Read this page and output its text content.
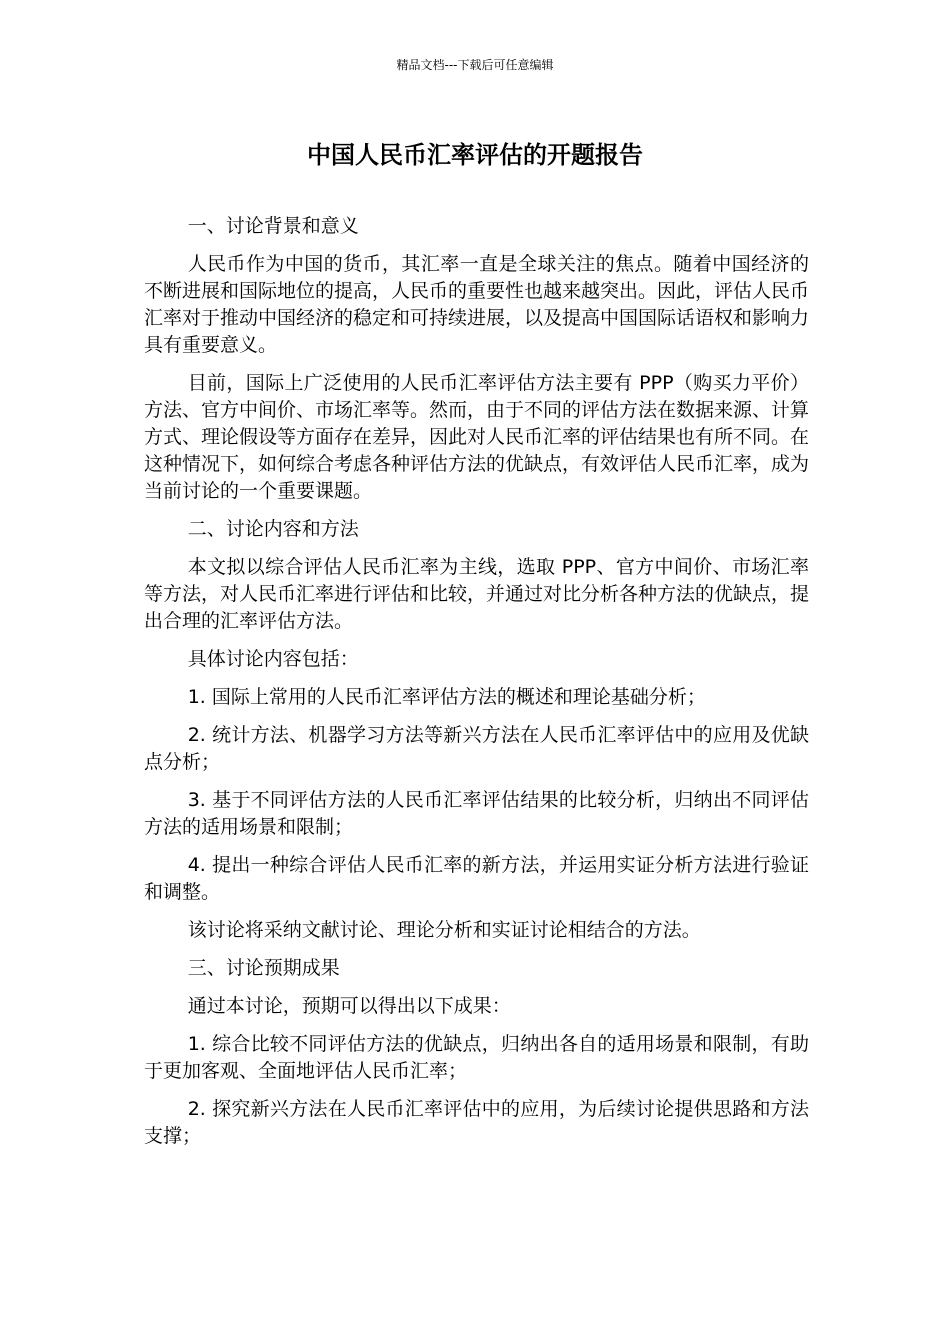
精品文档---下载后可任意编辑
中国人民币汇率评估的开题报告

一、讨论背景和意义

人民币作为中国的货币，其汇率一直是全球关注的焦点。随着中国经济的不断进展和国际地位的提高，人民币的重要性也越来越突出。因此，评估人民币汇率对于推动中国经济的稳定和可持续进展，以及提高中国国际话语权和影响力具有重要意义。

目前，国际上广泛使用的人民币汇率评估方法主要有 PPP（购买力平价）方法、官方中间价、市场汇率等。然而，由于不同的评估方法在数据来源、计算方式、理论假设等方面存在差异，因此对人民币汇率的评估结果也有所不同。在这种情况下，如何综合考虑各种评估方法的优缺点，有效评估人民币汇率，成为当前讨论的一个重要课题。

二、讨论内容和方法

本文拟以综合评估人民币汇率为主线，选取 PPP、官方中间价、市场汇率等方法，对人民币汇率进行评估和比较，并通过对比分析各种方法的优缺点，提出合理的汇率评估方法。

具体讨论内容包括：

1. 国际上常用的人民币汇率评估方法的概述和理论基础分析；

2. 统计方法、机器学习方法等新兴方法在人民币汇率评估中的应用及优缺点分析；

3. 基于不同评估方法的人民币汇率评估结果的比较分析，归纳出不同评估方法的适用场景和限制；

4. 提出一种综合评估人民币汇率的新方法，并运用实证分析方法进行验证和调整。

该讨论将采纳文献讨论、理论分析和实证讨论相结合的方法。

三、讨论预期成果

通过本讨论，预期可以得出以下成果：

1. 综合比较不同评估方法的优缺点，归纳出各自的适用场景和限制，有助于更加客观、全面地评估人民币汇率；

2. 探究新兴方法在人民币汇率评估中的应用，为后续讨论提供思路和方法支撑；
